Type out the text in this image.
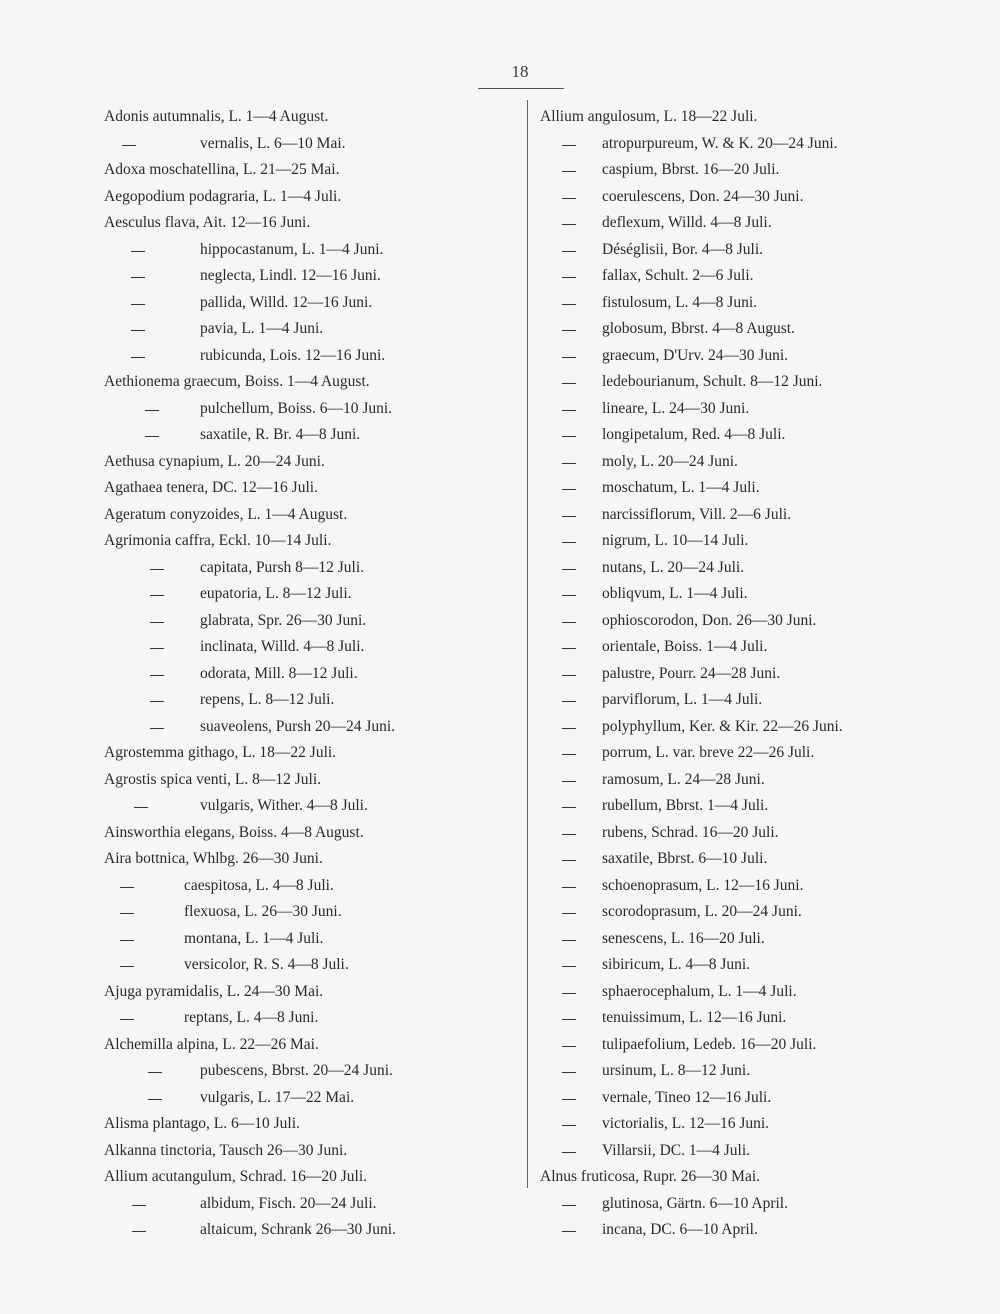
18
Adonis autumnalis, L. 1—4 August.
vernalis, L. 6—10 Mai.
Adoxa moschatellina, L. 21—25 Mai.
Aegopodium podagraria, L. 1—4 Juli.
Aesculus flava, Ait. 12—16 Juni.
hippocastanum, L. 1—4 Juni.
neglecta, Lindl. 12—16 Juni.
pallida, Willd. 12—16 Juni.
pavia, L. 1—4 Juni.
rubicunda, Lois. 12—16 Juni.
Aethionema graecum, Boiss. 1—4 August.
pulchellum, Boiss. 6—10 Juni.
saxatile, R. Br. 4—8 Juni.
Aethusa cynapium, L. 20—24 Juni.
Agathaea tenera, DC. 12—16 Juli.
Ageratum conyzoides, L. 1—4 August.
Agrimonia caffra, Eckl. 10—14 Juli.
capitata, Pursh 8—12 Juli.
eupatoria, L. 8—12 Juli.
glabrata, Spr. 26—30 Juni.
inclinata, Willd. 4—8 Juli.
odorata, Mill. 8—12 Juli.
repens, L. 8—12 Juli.
suaveolens, Pursh 20—24 Juni.
Agrostemma githago, L. 18—22 Juli.
Agrostis spica venti, L. 8—12 Juli.
vulgaris, Wither. 4—8 Juli.
Ainsworthia elegans, Boiss. 4—8 August.
Aira bottnica, Whlbg. 26—30 Juni.
caespitosa, L. 4—8 Juli.
flexuosa, L. 26—30 Juni.
montana, L. 1—4 Juli.
versicolor, R. S. 4—8 Juli.
Ajuga pyramidalis, L. 24—30 Mai.
reptans, L. 4—8 Juni.
Alchemilla alpina, L. 22—26 Mai.
pubescens, Bbrst. 20—24 Juni.
vulgaris, L. 17—22 Mai.
Alisma plantago, L. 6—10 Juli.
Alkanna tinctoria, Tausch 26—30 Juni.
Allium acutangulum, Schrad. 16—20 Juli.
albidum, Fisch. 20—24 Juli.
altaicum, Schrank 26—30 Juni.
Allium angulosum, L. 18—22 Juli.
atropurpureum, W. & K. 20—24 Juni.
caspium, Bbrst. 16—20 Juli.
coerulescens, Don. 24—30 Juni.
deflexum, Willd. 4—8 Juli.
Déséglisii, Bor. 4—8 Juli.
fallax, Schult. 2—6 Juli.
fistulosum, L. 4—8 Juni.
globosum, Bbrst. 4—8 August.
graecum, D'Urv. 24—30 Juni.
ledebourianum, Schult. 8—12 Juni.
lineare, L. 24—30 Juni.
longipetalum, Red. 4—8 Juli.
moly, L. 20—24 Juni.
moschatum, L. 1—4 Juli.
narcissiflorum, Vill. 2—6 Juli.
nigrum, L. 10—14 Juli.
nutans, L. 20—24 Juli.
obliqvum, L. 1—4 Juli.
ophioscorodon, Don. 26—30 Juni.
orientale, Boiss. 1—4 Juli.
palustre, Pourr. 24—28 Juni.
parviflorum, L. 1—4 Juli.
polyphyllum, Ker. & Kir. 22—26 Juni.
porrum, L. var. breve 22—26 Juli.
ramosum, L. 24—28 Juni.
rubellum, Bbrst. 1—4 Juli.
rubens, Schrad. 16—20 Juli.
saxatile, Bbrst. 6—10 Juli.
schoenoprasum, L. 12—16 Juni.
scorodoprasum, L. 20—24 Juni.
senescens, L. 16—20 Juli.
sibiricum, L. 4—8 Juni.
sphaerocephalum, L. 1—4 Juli.
tenuissimum, L. 12—16 Juni.
tulipaefolium, Ledeb. 16—20 Juli.
ursinum, L. 8—12 Juni.
vernale, Tineo 12—16 Juli.
victorialis, L. 12—16 Juni.
Villarsii, DC. 1—4 Juli.
Alnus fruticosa, Rupr. 26—30 Mai.
glutinosa, Gärtn. 6—10 April.
incana, DC. 6—10 April.
